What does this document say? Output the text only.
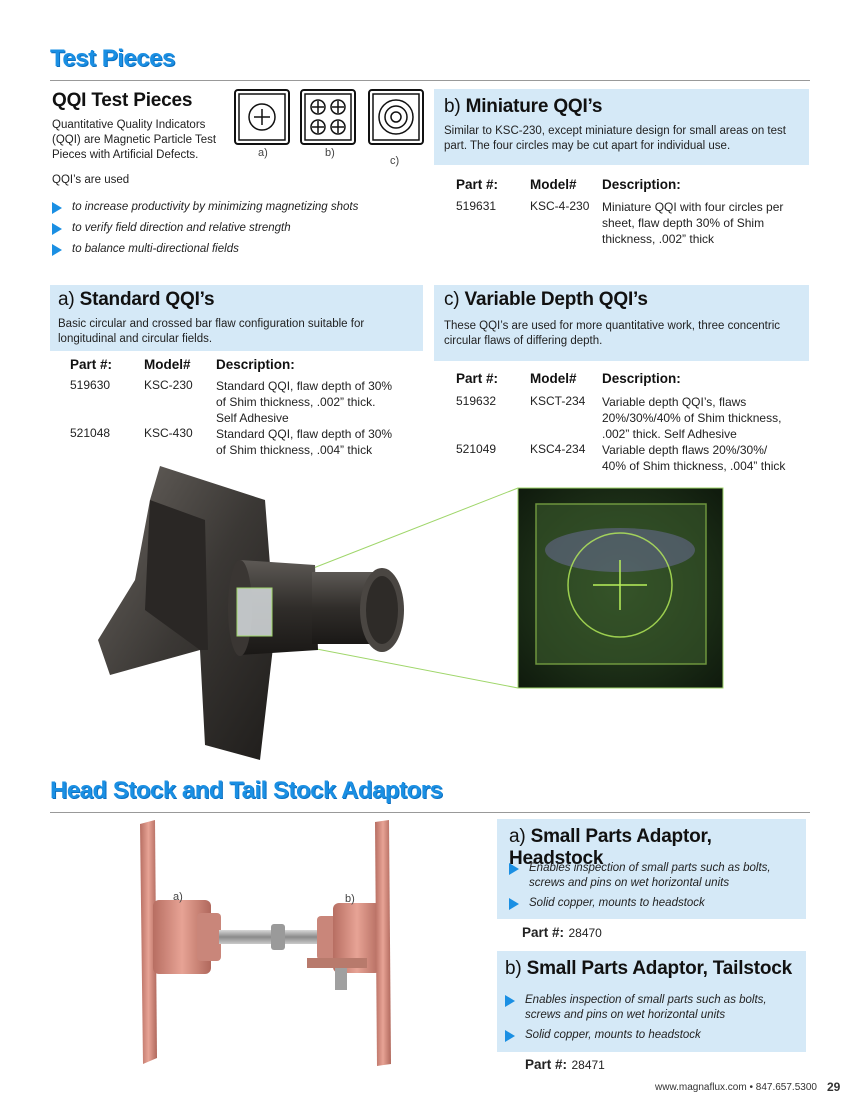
Test Pieces
QQI Test Pieces
Quantitative Quality Indicators (QQI) are Magnetic Particle Test Pieces with Artificial Defects.
QQI’s are used
to increase productivity by minimizing magnetizing shots
to verify field direction and relative strength
to balance multi-directional fields
a)	b)
c)
b) Miniature QQI’s
Similar to KSC-230, except miniature design for small areas on test part. The four circles may be cut apart for individual use.
Part #: Model# Description:
519631	KSC-4-230 Miniature QQI with four circles per
sheet, flaw depth 30% of Shim
thickness, .002” thick
a) Standard QQI’s
Basic circular and crossed bar flaw configuration suitable for longitudinal and circular fields.
Part #: Model# Description:
519630	KSC-230 Standard QQI, flaw depth of 30%
of Shim thickness, .002” thick.
Self Adhesive
521048	KSC-430 Standard QQI, flaw depth of 30%
of Shim thickness, .004” thick
c) Variable Depth QQI’s
These QQI’s are used for more quantitative work, three concentric circular flaws of differing depth.
Part #: Model# Description:
519632	KSCT-234 Variable depth QQI’s, flaws
20%/30%/40% of Shim thickness,
.002” thick. Self Adhesive
521049	KSC4-234 Variable depth flaws 20%/30%/
40% of Shim thickness, .004” thick
Head Stock and Tail Stock Adaptors
a)	b)
a) Small Parts Adaptor, Headstock
Enables inspection of small parts such as bolts, screws and pins on wet horizontal units
Solid copper, mounts to headstock
Part #: 28470
b) Small Parts Adaptor, Tailstock
Enables inspection of small parts such as bolts, screws and pins on wet horizontal units
Solid copper, mounts to headstock
Part #: 28471
www.magnaflux.com • 847.657.5300 29
